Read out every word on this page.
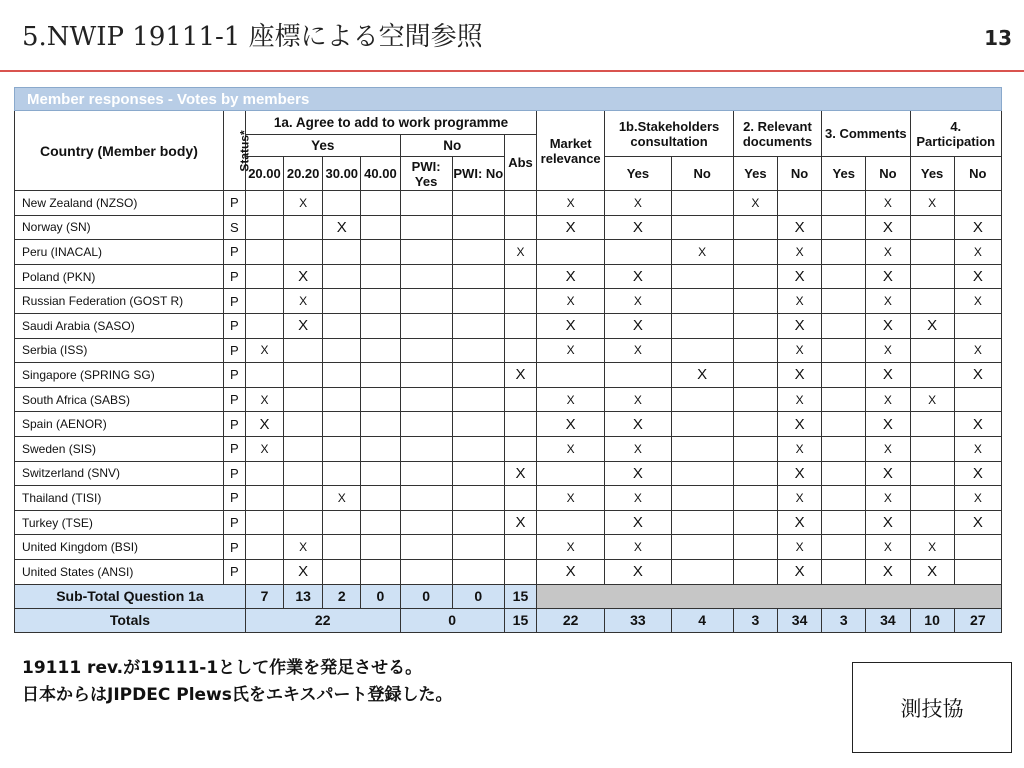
5.NWIP 19111-1 座標による空間参照	13
Member responses - Votes by members																	
Country (Member body)	Status*	1a. Agree to add to work programme							Market relevance	1b.Stakeholders consultation		2. Relevant documents		3. Comments		4. Participation	
		Yes				No		Abs									
		20.00	20.20	30.00	40.00	PWI: Yes	PWI: No			Yes	No	Yes	No	Yes	No	Yes	No
New Zealand (NZSO)	P		X						X	X		X			X	X	
Norway (SN)	S			X					X	X			X		X		X
Peru (INACAL)	P							X			X		X		X		X
Poland (PKN)	P		X						X	X			X		X		X
Russian Federation (GOST R)	P		X						X	X			X		X		X
Saudi Arabia (SASO)	P		X						X	X			X		X	X	
Serbia (ISS)	P	X							X	X			X		X		X
Singapore (SPRING SG)	P							X			X		X		X		X
South Africa (SABS)	P	X							X	X			X		X	X	
Spain (AENOR)	P	X							X	X			X		X		X
Sweden (SIS)	P	X							X	X			X		X		X
Switzerland (SNV)	P							X		X			X		X		X
Thailand (TISI)	P			X					X	X			X		X		X
Turkey (TSE)	P							X		X			X		X		X
United Kingdom (BSI)	P		X						X	X			X		X	X	
United States (ANSI)	P		X						X	X			X		X	X	
Sub-Total Question 1a		7	13	2	0	0	0	15									
Totals		22				0		15	22	33	4	3	34	3	34	10	27
19111 rev.が19111-1として作業を発足させる。
日本からはJIPDEC Plews氏をエキスパート登録した。
測技協
